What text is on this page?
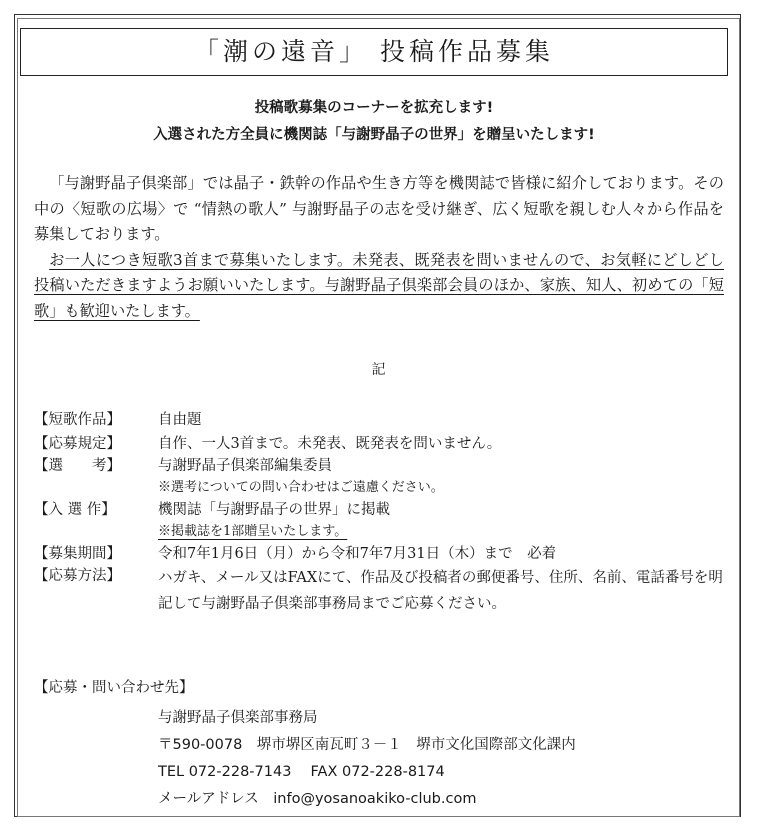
「潮の遠音」 投稿作品募集
投稿歌募集のコーナーを拡充します!
入選された方全員に機関誌「与謝野晶子の世界」を贈呈いたします!

「与謝野晶子倶楽部」では晶子・鉄幹の作品や生き方等を機関誌で皆様に紹介しております。その中の〈短歌の広場〉で “情熱の歌人” 与謝野晶子の志を受け継ぎ、広く短歌を親しむ人々から作品を募集しております。

お一人につき短歌3首まで募集いたします。未発表、既発表を問いませんので、お気軽にどしどし投稿いただきますようお願いいたします。与謝野晶子倶楽部会員のほか、家族、知人、初めての「短歌」も歓迎いたします。

記
【短歌作品】	自由題
【応募規定】	自作、一人3首まで。未発表、既発表を問いません。
【選　　考】	与謝野晶子倶楽部編集委員
※選考についての問い合わせはご遠慮ください。
【入 選 作】	機関誌「与謝野晶子の世界」に掲載
※掲載誌を1部贈呈いたします。
【募集期間】	令和7年1月6日（月）から令和7年7月31日（木）まで　必着
【応募方法】	ハガキ、メール又はFAXにて、作品及び投稿者の郵便番号、住所、名前、電話番号を明記して与謝野晶子倶楽部事務局までご応募ください。
【応募・問い合わせ先】
与謝野晶子倶楽部事務局
〒590-0078　堺市堺区南瓦町３－１　堺市文化国際部文化課内
TEL 072-228-7143　 FAX 072-228-8174
メールアドレス　info@yosanoakiko-club.com
